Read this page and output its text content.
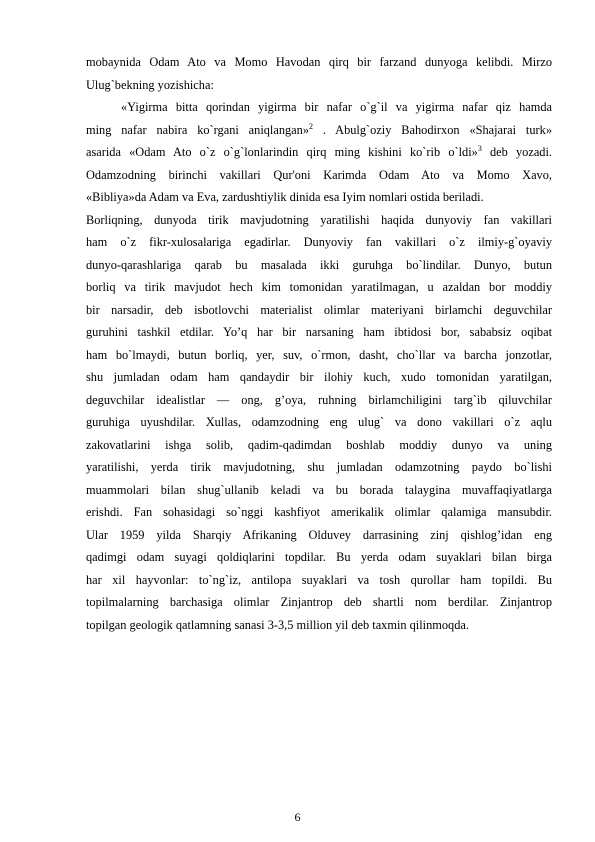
mobaynida Odam Ato va Momo Havodan qirq bir farzand dunyoga kelibdi. Mirzo
Ulug`bekning yozishicha:
«Yigirma bitta qorindan yigirma bir nafar o`g`il va yigirma nafar qiz hamda
ming nafar nabira ko`rgani aniqlangan»$^2$ . Abulg`oziy Bahodirxon «Shajarai turk»
asarida «Odam Ato o`z o`g`lonlarindin qirq ming kishini ko`rib o`ldi»$^3$ deb yozadi.
Odamzodning birinchi vakillari Qur'oni Karimda Odam Ato va Momo Xavo,
«Bibliya»da Adam va Eva, zardushtiylik dinida esa Iyim nomlari ostida beriladi.
Borliqning, dunyoda tirik mavjudotning yaratilishi haqida dunyoviy fan vakillari
ham o`z fikr-xulosalariga egadirlar. Dunyoviy fan vakillari o`z ilmiy-g`oyaviy
dunyo-qarashlariga qarab bu masalada ikki guruhga bo`lindilar. Dunyo, butun
borliq va tirik mavjudot hech kim tomonidan yaratilmagan, u azaldan bor moddiy
bir narsadir, deb isbotlovchi materialist olimlar materiyani birlamchi deguvchilar
guruhini tashkil etdilar. Yo’q har bir narsaning ham ibtidosi bor, sababsiz oqibat
ham bo`lmaydi, butun borliq, yer, suv, o`rmon, dasht, cho`llar va barcha jonzotlar,
shu jumladan odam ham qandaydir bir ilohiy kuch, xudo tomonidan yaratilgan,
deguvchilar idealistlar — ong, g’oya, ruhning birlamchiligini targ`ib qiluvchilar
guruhiga uyushdilar. Xullas, odamzodning eng ulug` va dono vakillari o`z aqlu
zakovatlarini ishga solib, qadim-qadimdan boshlab moddiy dunyo va uning
yaratilishi, yerda tirik mavjudotning, shu jumladan odamzotning paydo bo`lishi
muammolari bilan shug`ullanib keladi va bu borada talaygina muvaffaqiyatlarga
erishdi. Fan sohasidagi so`nggi kashfiyot amerikalik olimlar qalamiga mansubdir.
Ular 1959 yilda Sharqiy Afrikaning Olduvey darrasining zinj qishlog’idan eng
qadimgi odam suyagi qoldiqlarini topdilar. Bu yerda odam suyaklari bilan birga
har xil hayvonlar: to`ng`iz, antilopa suyaklari va tosh qurollar ham topildi. Bu
topilmalarning barchasiga olimlar Zinjantrop deb shartli nom berdilar. Zinjantrop
topilgan geologik qatlamning sanasi 3-3,5 million yil deb taxmin qilinmoqda.
6
